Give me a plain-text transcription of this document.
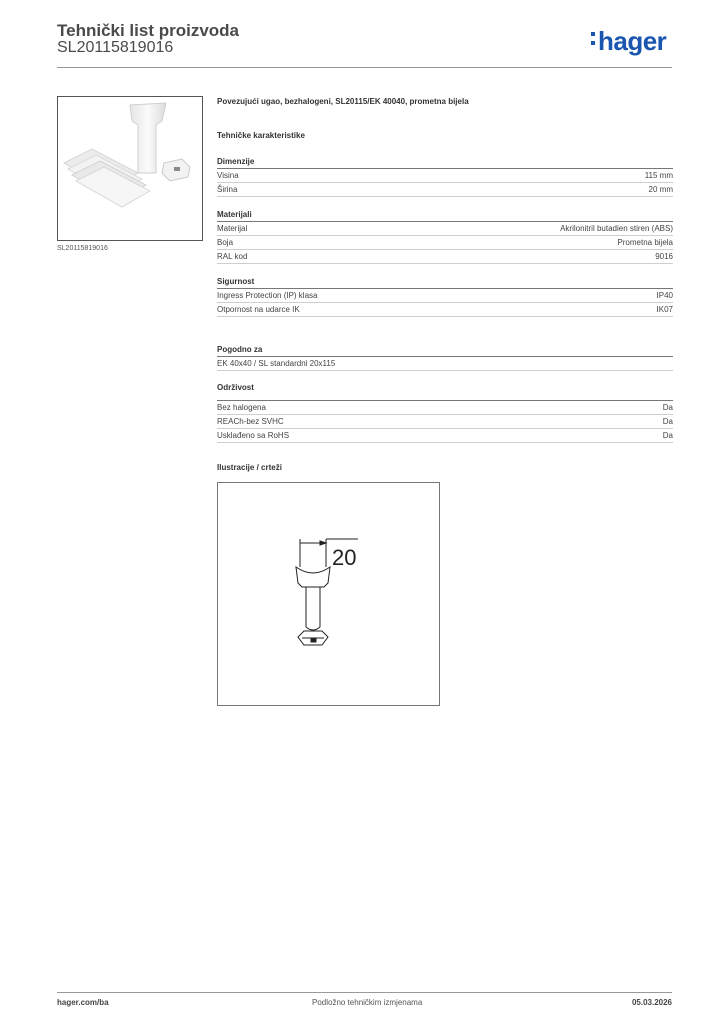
Tehnički list proizvoda
SL20115819016	hager
SL20115819016
Povezujući ugao, bezhalogeni, SL20115/EK 40040, prometna bijela
Tehničke karakteristike
Dimenzije
Visina	115 mm
Širina	20 mm
Materijali
Materijal	Akrilonitril butadien stiren (ABS)
Boja	Prometna bijela
RAL kod	9016
Sigurnost
Ingress Protection (IP) klasa	IP40
Otpornost na udarce IK	IK07
Pogodno za
EK 40x40 / SL standardni 20x115
Održivost
Bez halogena	Da
REACh-bez SVHC	Da
Usklađeno sa RoHS	Da
Ilustracije / crteži
20
hager.com/ba	Podložno tehničkim izmjenama	05.03.2026
